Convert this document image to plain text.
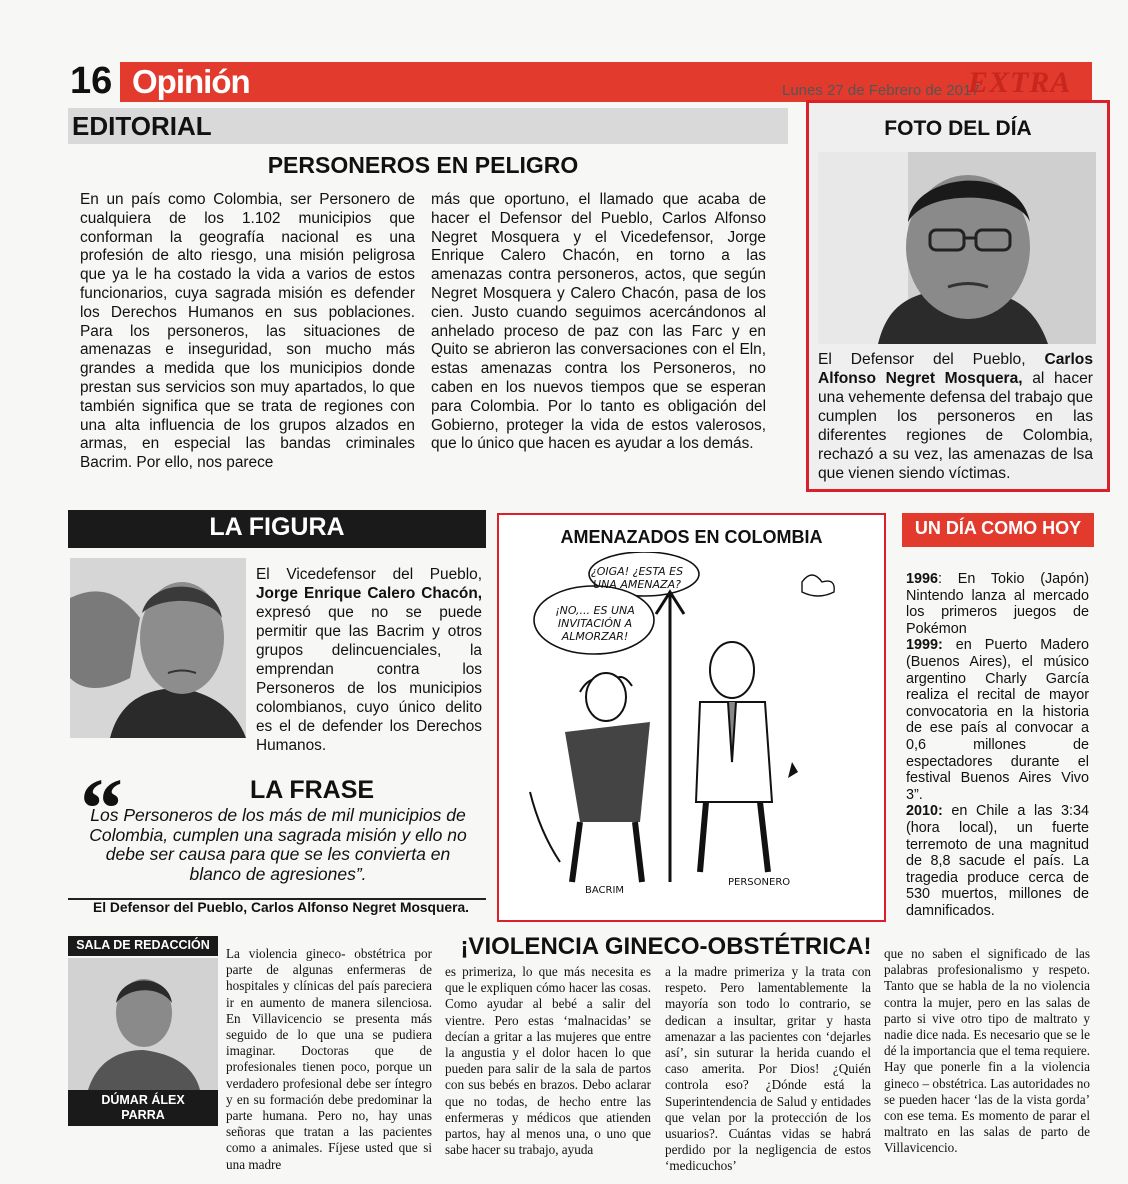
16 Opinión	Lunes 27 de Febrero de 2017
EXTRA
EDITORIAL
PERSONEROS EN PELIGRO
En un país como Colombia, ser Personero de cualquiera de los 1.102 municipios que conforman la geografía nacional es una profesión de alto riesgo, una misión peligrosa que ya le ha costado la vida a varios de estos funcionarios, cuya sagrada misión es defender los Derechos Humanos en sus poblaciones. Para los personeros, las situaciones de amenazas e inseguridad, son mucho más grandes a medida que los municipios donde prestan sus servicios son muy apartados, lo que también significa que se trata de regiones con una alta influencia de los grupos alzados en armas, en especial las bandas criminales Bacrim. Por ello, nos parece
más que oportuno, el llamado que acaba de hacer el Defensor del Pueblo, Carlos Alfonso Negret Mosquera y el Vicedefensor, Jorge Enrique Calero Chacón, en torno a las amenazas contra personeros, actos, que según Negret Mosquera y Calero Chacón, pasa de los cien. Justo cuando seguimos acercándonos al anhelado proceso de paz con las Farc y en Quito se abrieron las conversaciones con el Eln, estas amenazas contra los Personeros, no caben en los nuevos tiempos que se esperan para Colombia. Por lo tanto es obligación del Gobierno, proteger la vida de estos valerosos, que lo único que hacen es ayudar a los demás.
FOTO DEL DÍA
El Defensor del Pueblo, Carlos Alfonso Negret Mosquera, al hacer una vehemente defensa del trabajo que cumplen los personeros en las diferentes regiones de Colombia, rechazó a su vez, las amenazas de lsa que vienen siendo víctimas.
LA FIGURA
El Vicedefensor del Pueblo, Jorge Enrique Calero Chacón, expresó que no se puede permitir que las Bacrim y otros grupos delincuenciales, la emprendan contra los Personeros de los municipios colombianos, cuyo único delito es el de defender los Derechos Humanos.
“	LA FRASE
Los Personeros de los más de mil municipios de Colombia, cumplen una sagrada misión y ello no debe ser causa para que se les convierta en blanco de agresiones”.
El Defensor del Pueblo, Carlos Alfonso Negret Mosquera.
AMENAZADOS EN COLOMBIA
¿OIGA! ¿ESTA ES UNA AMENAZA?
¡NO,... ES UNA INVITACIÓN A ALMORZAR!
BACRIM
PERSONERO
UN DÍA COMO HOY
1996: En Tokio (Japón) Nintendo lanza al mercado los primeros juegos de Pokémon
1999: en Puerto Madero (Buenos Aires), el músico argentino Charly García realiza el recital de mayor convocatoria en la historia de ese país al convocar a 0,6 millones de espectadores durante el festival Buenos Aires Vivo 3”.
2010: en Chile a las 3:34 (hora local), un fuerte terremoto de una magnitud de 8,8 sacude el país. La tragedia produce cerca de 530 muertos, millones de damnificados.
SALA DE REDACCIÓN
DÚMAR ÁLEX PARRA
¡VIOLENCIA GINECO-OBSTÉTRICA!
La violencia gineco- obstétrica por parte de algunas enfermeras de hospitales y clínicas del país pareciera ir en aumento de manera silenciosa. En Villavicencio se presenta más seguido de lo que una se pudiera imaginar. Doctoras que de profesionales tienen poco, porque un verdadero profesional debe ser íntegro y en su formación debe predominar la parte humana. Pero no, hay unas señoras que tratan a las pacientes como a animales. Fíjese usted que si una madre
es primeriza, lo que más necesita es que le expliquen cómo hacer las cosas. Como ayudar al bebé a salir del vientre. Pero estas ‘malnacidas’ se decían a gritar a las mujeres que entre la angustia y el dolor hacen lo que pueden para salir de la sala de partos con sus bebés en brazos. Debo aclarar que no todas, de hecho entre las enfermeras y médicos que atienden partos, hay al menos una, o uno que sabe hacer su trabajo, ayuda
a la madre primeriza y la trata con respeto. Pero lamentablemente la mayoría son todo lo contrario, se dedican a insultar, gritar y hasta amenazar a las pacientes con ‘dejarles así’, sin suturar la herida cuando el caso amerita. Por Dios! ¿Quién controla eso? ¿Dónde está la Superintendencia de Salud y entidades que velan por la protección de los usuarios?. Cuántas vidas se habrá perdido por la negligencia de estos ‘medicuchos’
que no saben el significado de las palabras profesionalismo y respeto. Tanto que se habla de la no violencia contra la mujer, pero en las salas de parto si vive otro tipo de maltrato y nadie dice nada. Es necesario que se le dé la importancia que el tema requiere. Hay que ponerle fin a la violencia gineco – obstétrica. Las autoridades no se pueden hacer ‘las de la vista gorda’ con ese tema. Es momento de parar el maltrato en las salas de parto de Villavicencio.
